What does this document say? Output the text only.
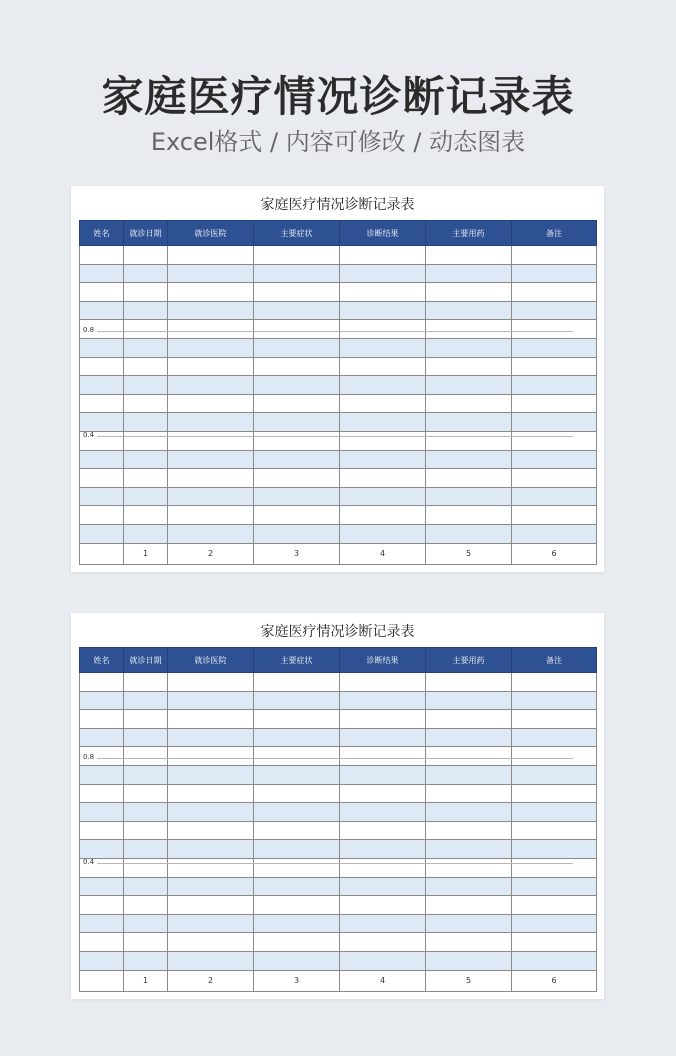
家庭医疗情况诊断记录表
Excel格式 / 内容可修改 / 动态图表
家庭医疗情况诊断记录表
姓名	就诊日期	就诊医院	主要症状	诊断结果	主要用药	备注

	1	2	3	4	5	6
0.8
0.4
家庭医疗情况诊断记录表
姓名	就诊日期	就诊医院	主要症状	诊断结果	主要用药	备注

	1	2	3	4	5	6
0.8
0.4
